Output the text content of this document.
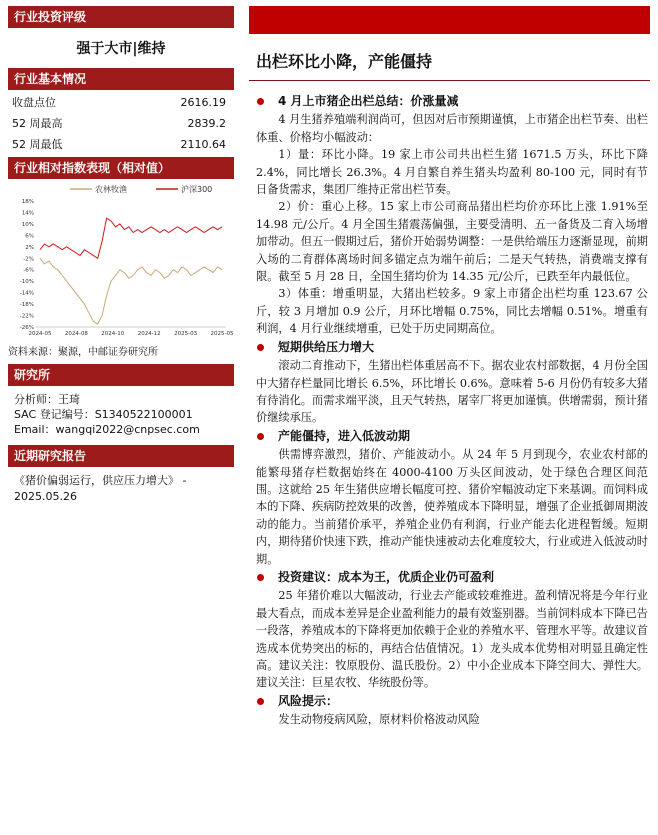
行业投资评级
强于大市|维持
行业基本情况
收盘点位	2616.19
52 周最高	2839.2
52 周最低	2110.64
行业相对指数表现（相对值）
18%
14%
10%
6%
2%
-2%
-6%
-10%
-14%
-18%
-22%
-26%
2024-05 2024-08 2024-10 2024-12 2025-03 2025-05
农林牧渔	沪深300
资料来源：聚源，中邮证券研究所
研究所
分析师：王琦
SAC 登记编号：S1340522100001
Email：wangqi2022@cnpsec.com
近期研究报告
《猪价偏弱运行，供应压力增大》 -
2025.05.26
出栏环比小降，产能僵持
4 月上市猪企出栏总结：价涨量减

4 月生猪养殖端利润尚可，但因对后市预期谨慎，上市猪企出栏节奏、出栏体重、价格均小幅波动：

1）量：环比小降。19 家上市公司共出栏生猪 1671.5 万头，环比下降 2.4%，同比增长 26.3%。4 月自繁自养生猪头均盈利 80-100 元，同时有节日备货需求，集团厂维持正常出栏节奏。

2）价：重心上移。15 家上市公司商品猪出栏均价亦环比上涨 1.91%至 14.98 元/公斤。4 月全国生猪震荡偏强，主要受清明、五一备货及二育入场增加带动。但五一假期过后，猪价开始弱势调整：一是供给端压力逐渐显现，前期入场的二育群体离场时间多锚定点为端午前后；二是天气转热，消费端支撑有限。截至 5 月 28 日，全国生猪均价为 14.35 元/公斤，已跌至年内最低位。

3）体重：增重明显，大猪出栏较多。9 家上市猪企出栏均重 123.67 公斤，较 3 月增加 0.9 公斤，月环比增幅 0.75%，同比去增幅 0.51%。增重有利润，4 月行业继续增重，已处于历史同期高位。

短期供给压力增大

滚动二育推动下，生猪出栏体重居高不下。据农业农村部数据，4 月份全国中大猪存栏量同比增长 6.5%，环比增长 0.6%。意味着 5-6 月份仍有较多大猪有待消化。而需求端平淡，且天气转热，屠宰厂将更加谨慎。供增需弱，预计猪价继续承压。

产能僵持，进入低波动期

供需博弈激烈，猪价、产能波动小。从 24 年 5 月到现今，农业农村部的能繁母猪存栏数据始终在 4000-4100 万头区间波动，处于绿色合理区间范围。这就给 25 年生猪供应增长幅度可控、猪价窄幅波动定下来基调。而饲料成本的下降、疾病防控效果的改善，使养殖成本下降明显，增强了企业抵御周期波动的能力。当前猪价承平，养殖企业仍有利润，行业产能去化进程暂缓。短期内，期待猪价快速下跌，推动产能快速被动去化难度较大，行业或进入低波动时期。

投资建议：成本为王，优质企业仍可盈利

25 年猪价难以大幅波动，行业去产能或较难推进。盈利情况将是今年行业最大看点，而成本差异是企业盈利能力的最有效鉴别器。当前饲料成本下降已告一段落，养殖成本的下降将更加依赖于企业的养殖水平、管理水平等。故建议首选成本优势突出的标的，再结合估值情况。1）龙头成本优势相对明显且确定性高。建议关注：牧原股份、温氏股份。2）中小企业成本下降空间大、弹性大。建议关注：巨星农牧、华统股份等。

风险提示：

发生动物疫病风险，原材料价格波动风险
